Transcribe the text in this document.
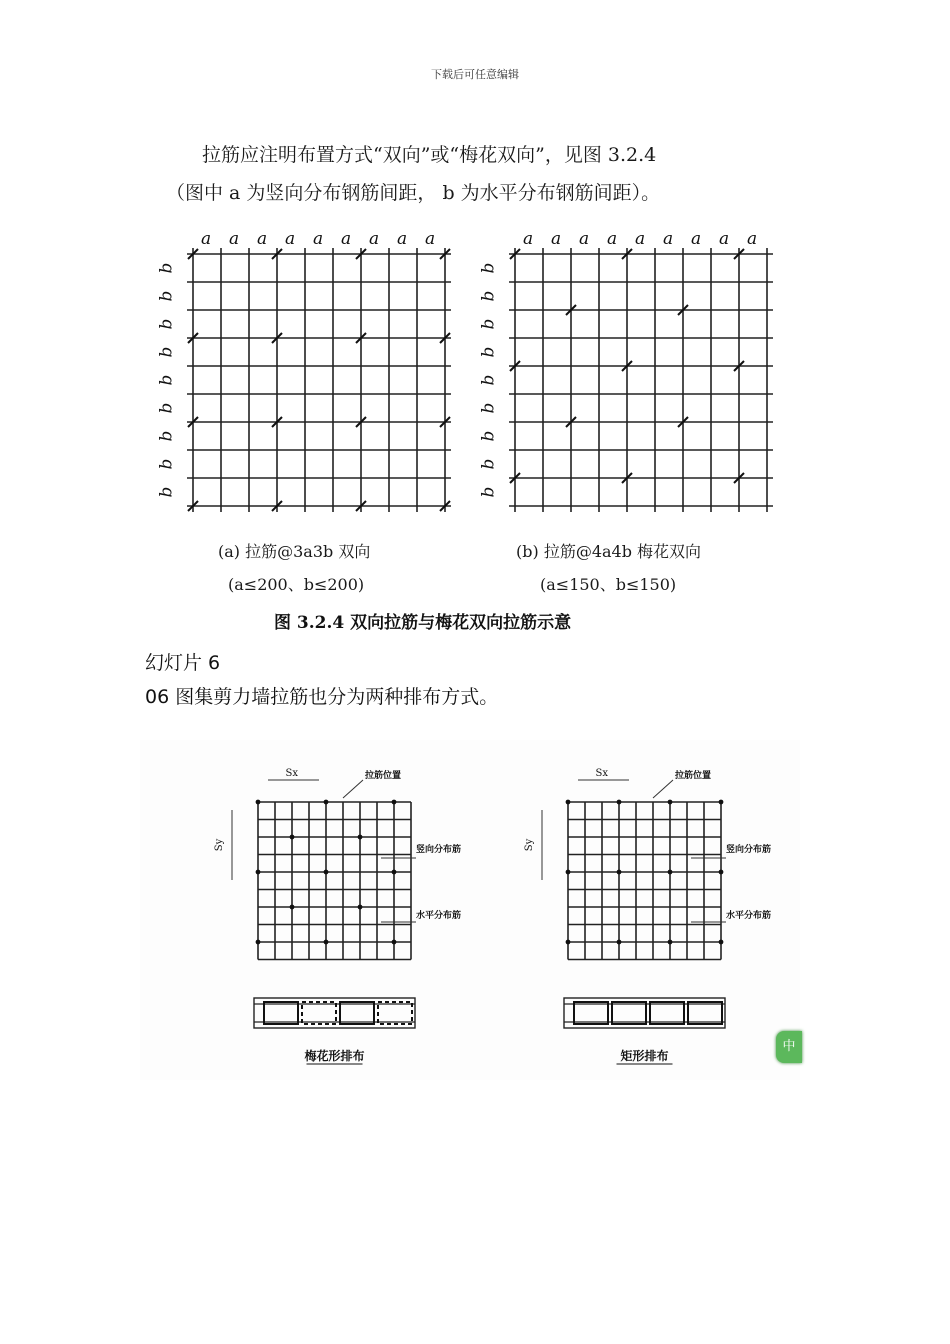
下载后可任意编辑
拉筋应注明布置方式“双向”或“梅花双向”，见图 3.2.4
（图中 a 为竖向分布钢筋间距， b 为水平分布钢筋间距）。
a a a a a a a a a
b
b
b
b
b
b
b
b
b
a a a a a a a a a
b
b
b
b
b
b
b
b
b
(a) 拉筋@3a3b 双向
(a≤200、b≤200)
(b) 拉筋@4a4b 梅花双向
(a≤150、b≤150)
图 3.2.4 双向拉筋与梅花双向拉筋示意
幻灯片 6
06 图集剪力墙拉筋也分为两种排布方式。
Sx
Sy
拉筋位置
竖向分布筋
水平分布筋
梅花形排布
Sx
Sy
拉筋位置
竖向分布筋
水平分布筋
矩形排布
中
